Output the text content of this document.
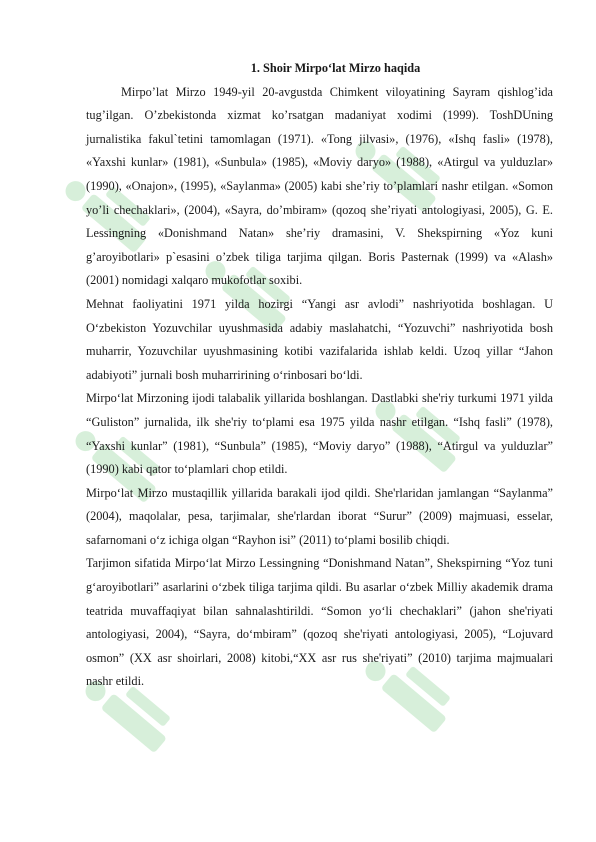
1. Shoir Mirpo‘lat Mirzo haqida

Mirpo’lat Mirzo 1949-yil 20-avgustda Chimkent viloyatining Sayram qishlog’ida tug’ilgan. O’zbekistonda xizmat ko’rsatgan madaniyat xodimi (1999). ToshDUning jurnalistika fakul`tetini tamomlagan (1971). «Tong jilvasi», (1976), «Ishq fasli» (1978), «Yaxshi kunlar» (1981), «Sunbula» (1985), «Moviy daryo» (1988), «Atirgul va yulduzlar» (1990), «Onajon», (1995), «Saylanma» (2005) kabi she’riy to’plamlari nashr etilgan. «Somon yo’li chechaklari», (2004), «Sayra, do’mbiram» (qozoq she’riyati antologiyasi, 2005), G. E. Lessingning «Donishmand Natan» she’riy dramasini, V. Shekspirning «Yoz kuni g’aroyibotlari» p`esasini o’zbek tiliga tarjima qilgan. Boris Pasternak (1999) va «Alash» (2001) nomidagi xalqaro mukofotlar soxibi.

Mehnat faoliyatini 1971 yilda hozirgi “Yangi asr avlodi” nashriyotida boshlagan. U O‘zbekiston Yozuvchilar uyushmasida adabiy maslahatchi, “Yozuvchi” nashriyotida bosh muharrir, Yozuvchilar uyushmasining kotibi vazifalarida ishlab keldi. Uzoq yillar “Jahon adabiyoti” jurnali bosh muharririning o‘rinbosari bo‘ldi.

Mirpo‘lat Mirzoning ijodi talabalik yillarida boshlangan. Dastlabki she'riy turkumi 1971 yilda “Guliston” jurnalida, ilk she'riy to‘plami esa 1975 yilda nashr etilgan. “Ishq fasli” (1978), “Yaxshi kunlar” (1981), “Sunbula” (1985), “Moviy daryo” (1988), “Atirgul va yulduzlar” (1990) kabi qator to‘plamlari chop etildi.

Mirpo‘lat Mirzo mustaqillik yillarida barakali ijod qildi. She'rlaridan jamlangan “Saylanma” (2004), maqolalar, pesa, tarjimalar, she'rlardan iborat “Surur” (2009) majmuasi, esselar, safarnomani o‘z ichiga olgan “Rayhon isi” (2011) to‘plami bosilib chiqdi.

Tarjimon sifatida Mirpo‘lat Mirzo Lessingning “Donishmand Natan”, Shekspirning “Yoz tuni g‘aroyibotlari” asarlarini o‘zbek tiliga tarjima qildi. Bu asarlar o‘zbek Milliy akademik drama teatrida muvaffaqiyat bilan sahnalashtirildi. “Somon yo‘li chechaklari” (jahon she'riyati antologiyasi, 2004), “Sayra, do‘mbiram” (qozoq she'riyati antologiyasi, 2005), “Lojuvard osmon” (XX asr shoirlari, 2008) kitobi,“XX asr rus she'riyati” (2010) tarjima majmualari nashr etildi.
